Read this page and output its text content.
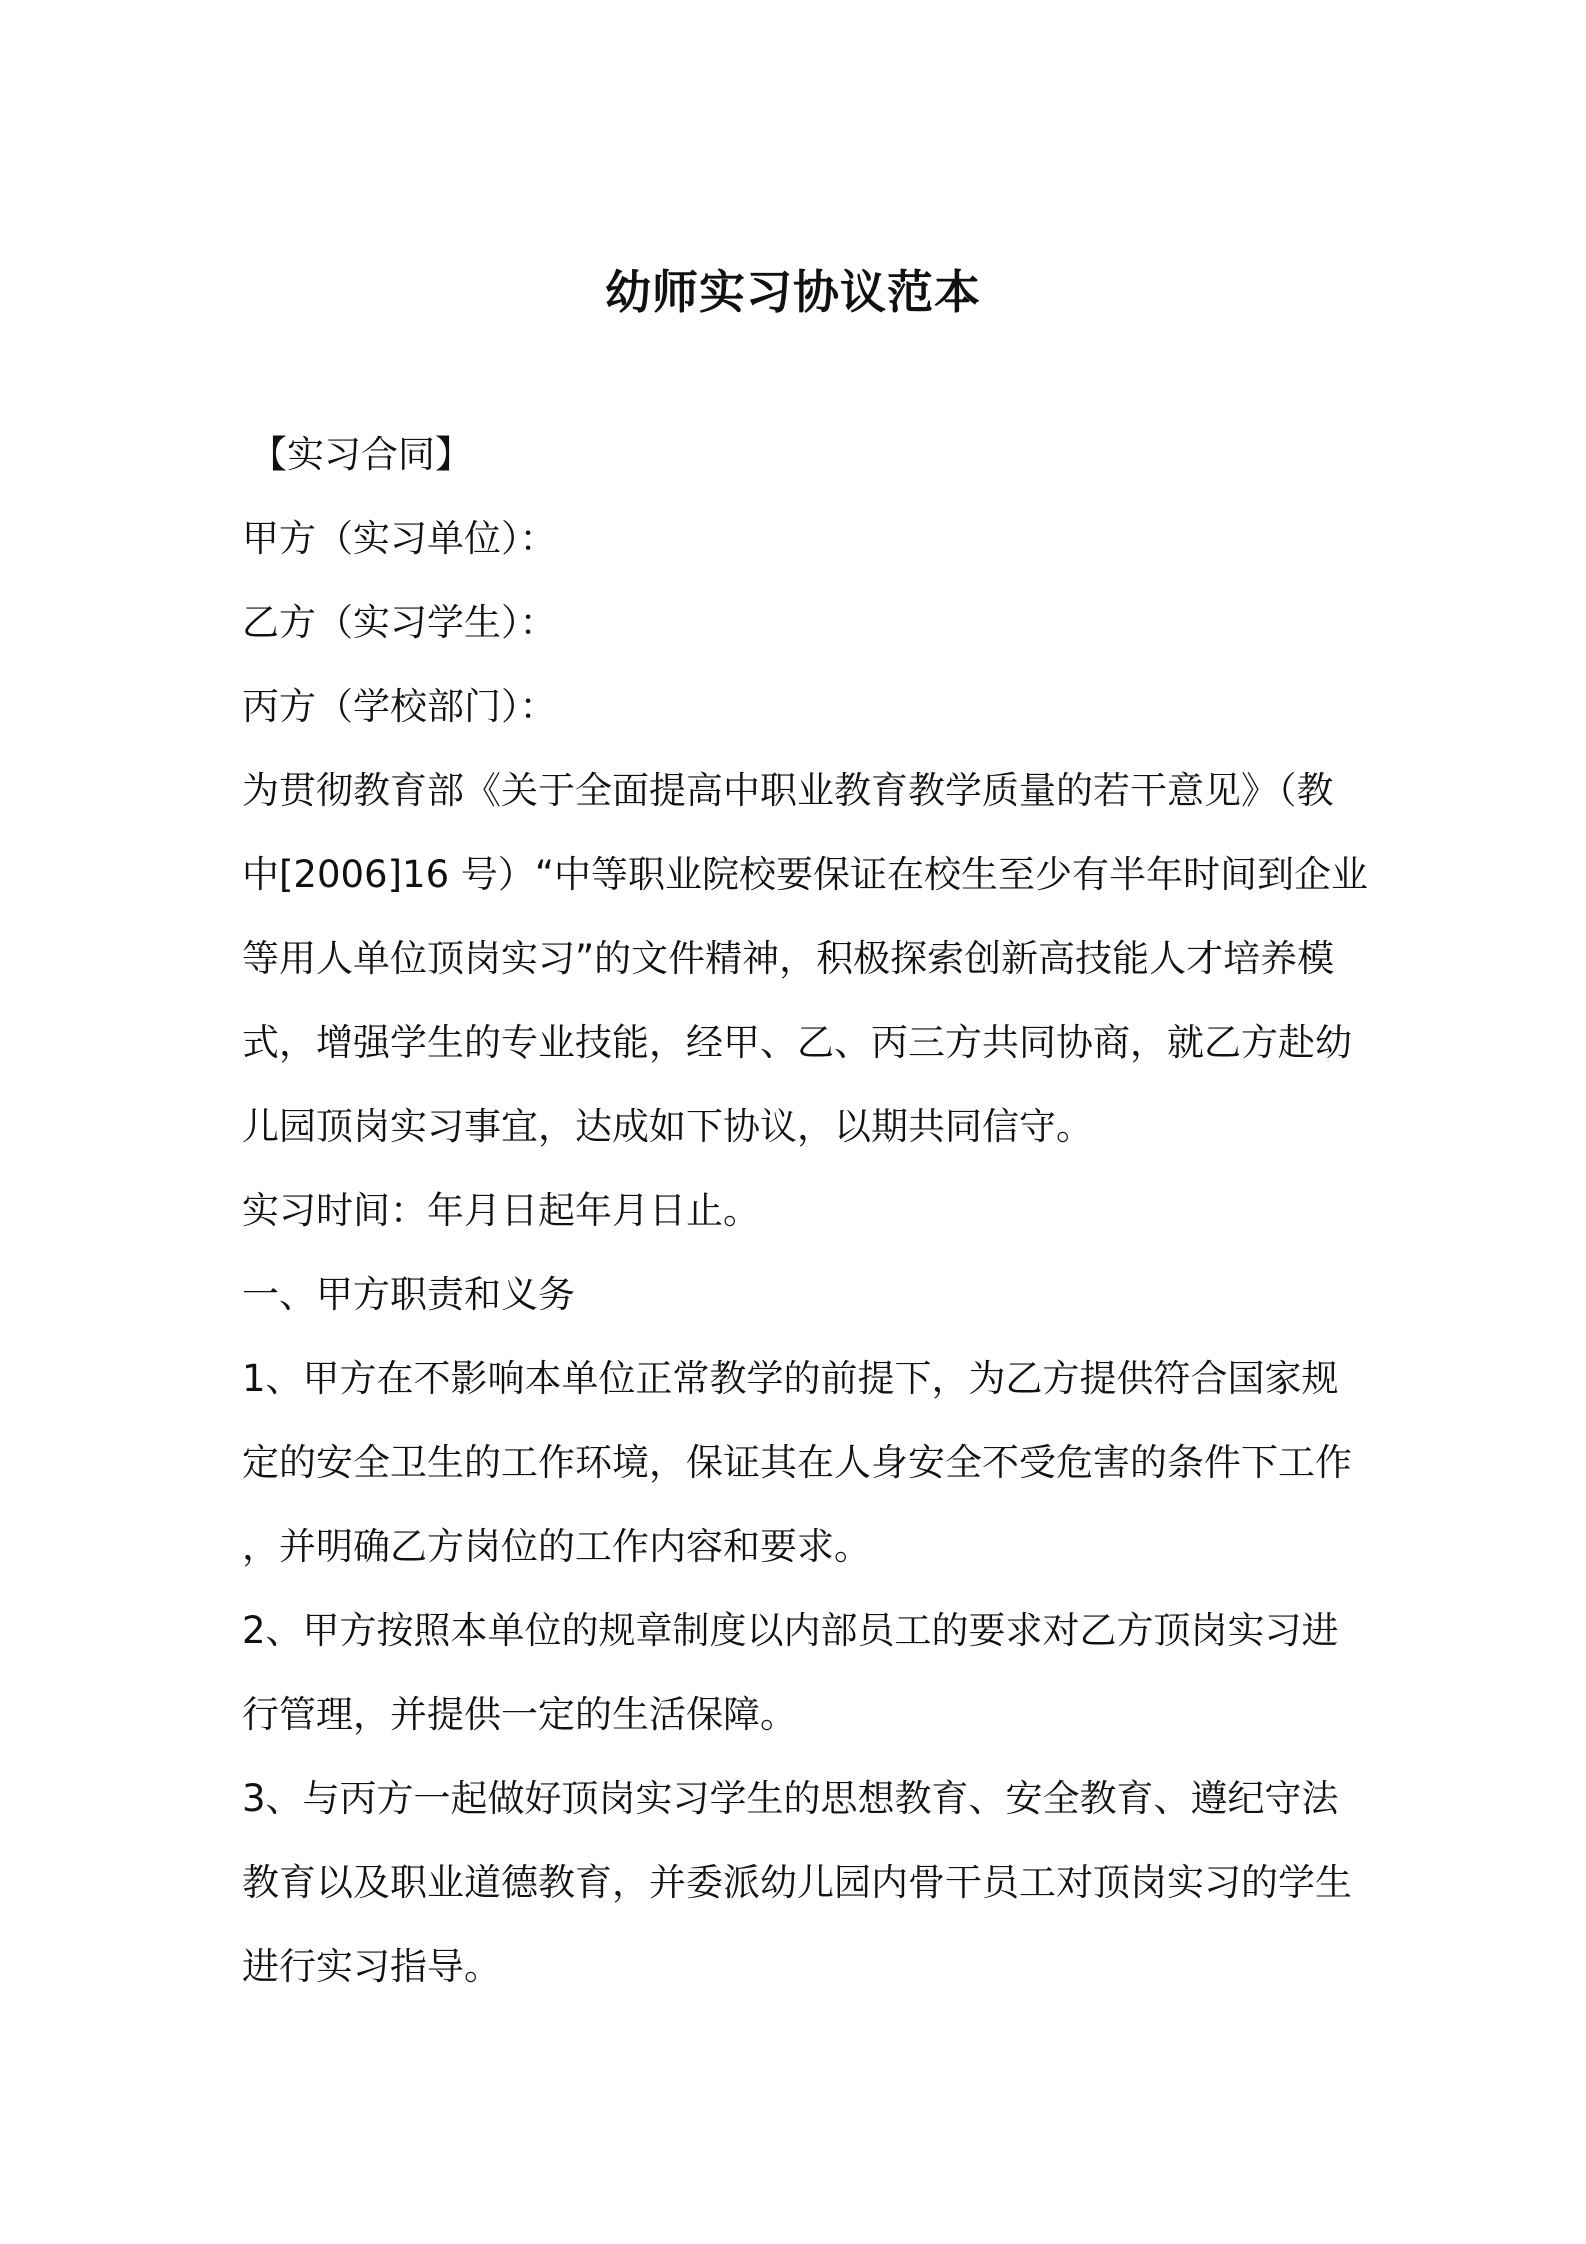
幼师实习协议范本
【实习合同】
甲方（实习单位）：
乙方（实习学生）：
丙方（学校部门）：
为贯彻教育部《关于全面提高中职业教育教学质量的若干意见》（教
中[2006]16 号）“中等职业院校要保证在校生至少有半年时间到企业
等用人单位顶岗实习”的文件精神，积极探索创新高技能人才培养模
式，增强学生的专业技能，经甲、乙、丙三方共同协商，就乙方赴幼
儿园顶岗实习事宜，达成如下协议，以期共同信守。
实习时间：年月日起年月日止。
一、甲方职责和义务
1、甲方在不影响本单位正常教学的前提下，为乙方提供符合国家规
定的安全卫生的工作环境，保证其在人身安全不受危害的条件下工作
，并明确乙方岗位的工作内容和要求。
2、甲方按照本单位的规章制度以内部员工的要求对乙方顶岗实习进
行管理，并提供一定的生活保障。
3、与丙方一起做好顶岗实习学生的思想教育、安全教育、遵纪守法
教育以及职业道德教育，并委派幼儿园内骨干员工对顶岗实习的学生
进行实习指导。
